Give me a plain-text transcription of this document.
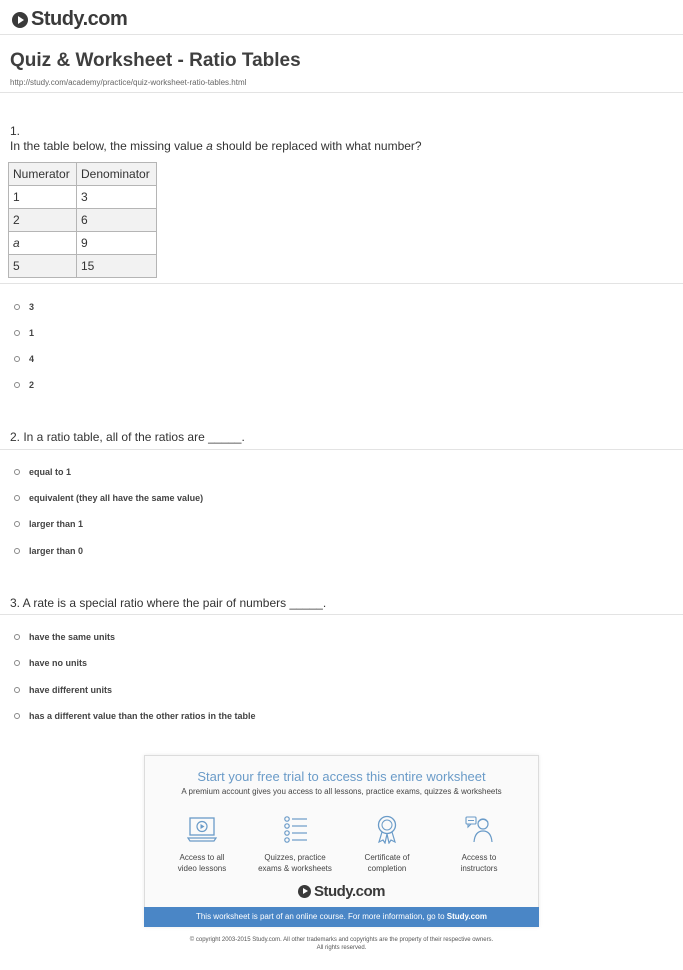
Study.com
Quiz & Worksheet - Ratio Tables
http://study.com/academy/practice/quiz-worksheet-ratio-tables.html
1.
In the table below, the missing value a should be replaced with what number?
Numerator	Denominator
1	3
2	6
a	9
5	15
3
1
4
2
2. In a ratio table, all of the ratios are _____.
equal to 1
equivalent (they all have the same value)
larger than 1
larger than 0
3. A rate is a special ratio where the pair of numbers _____.
have the same units
have no units
have different units
has a different value than the other ratios in the table
Start your free trial to access this entire worksheet
A premium account gives you access to all lessons, practice exams, quizzes & worksheets
Access to all
video lessons
Quizzes, practice
exams & worksheets
Certificate of
completion
Access to
instructors
Study.com
This worksheet is part of an online course. For more information, go to Study.com
© copyright 2003-2015 Study.com. All other trademarks and copyrights are the property of their respective owners.
All rights reserved.
